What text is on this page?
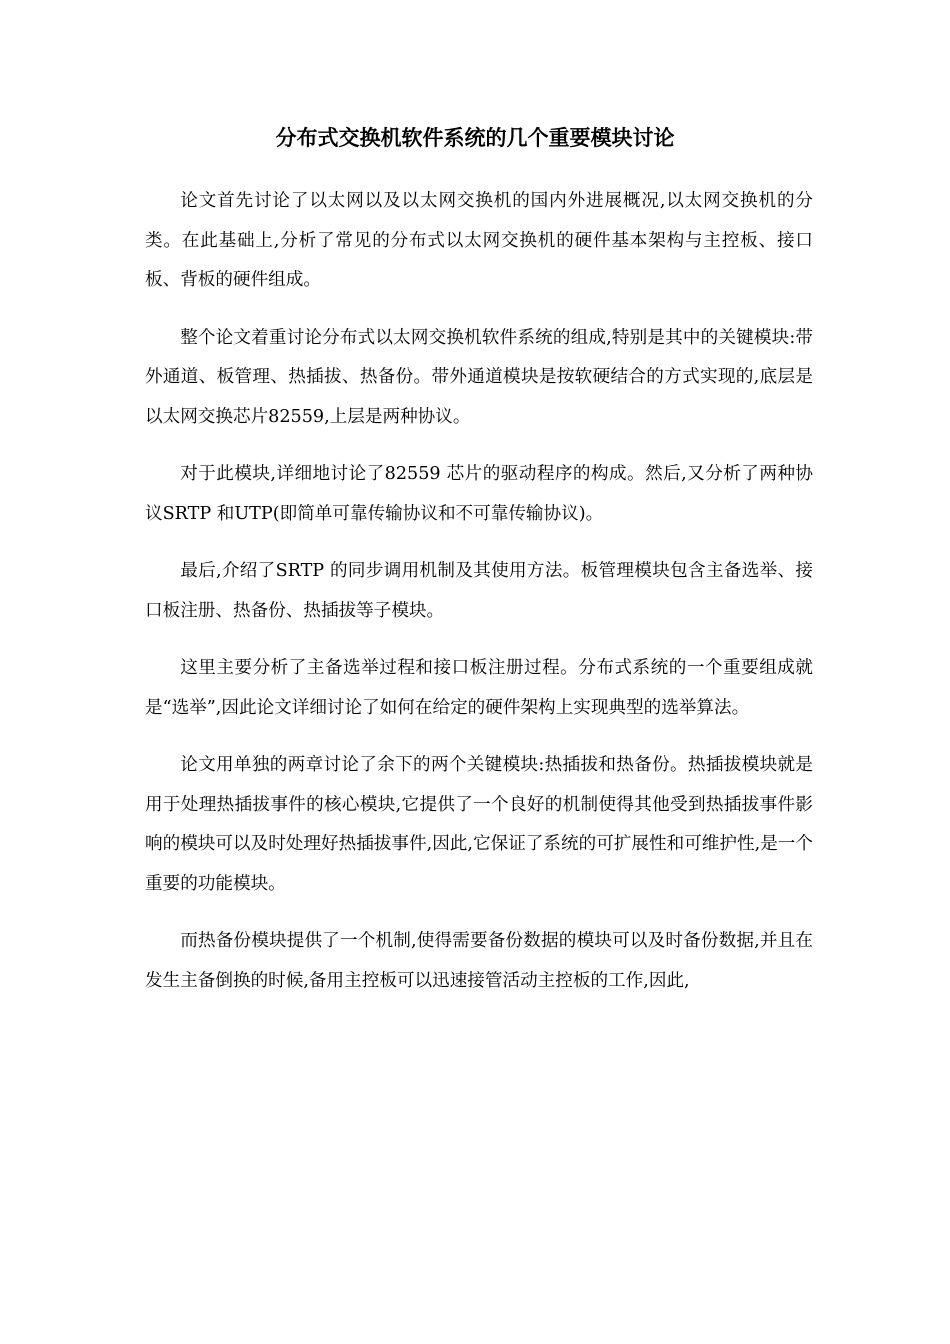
分布式交换机软件系统的几个重要模块讨论

论文首先讨论了以太网以及以太网交换机的国内外进展概况,以太网交换机的分类。在此基础上,分析了常见的分布式以太网交换机的硬件基本架构与主控板、接口板、背板的硬件组成。

整个论文着重讨论分布式以太网交换机软件系统的组成,特别是其中的关键模块:带外通道、板管理、热插拔、热备份。带外通道模块是按软硬结合的方式实现的,底层是以太网交换芯片82559,上层是两种协议。

对于此模块,详细地讨论了82559 芯片的驱动程序的构成。然后,又分析了两种协议SRTP 和UTP(即简单可靠传输协议和不可靠传输协议)。

最后,介绍了SRTP 的同步调用机制及其使用方法。板管理模块包含主备选举、接口板注册、热备份、热插拔等子模块。

这里主要分析了主备选举过程和接口板注册过程。分布式系统的一个重要组成就是“选举”,因此论文详细讨论了如何在给定的硬件架构上实现典型的选举算法。

论文用单独的两章讨论了余下的两个关键模块:热插拔和热备份。热插拔模块就是用于处理热插拔事件的核心模块,它提供了一个良好的机制使得其他受到热插拔事件影响的模块可以及时处理好热插拔事件,因此,它保证了系统的可扩展性和可维护性,是一个重要的功能模块。

而热备份模块提供了一个机制,使得需要备份数据的模块可以及时备份数据,并且在发生主备倒换的时候,备用主控板可以迅速接管活动主控板的工作,因此,
